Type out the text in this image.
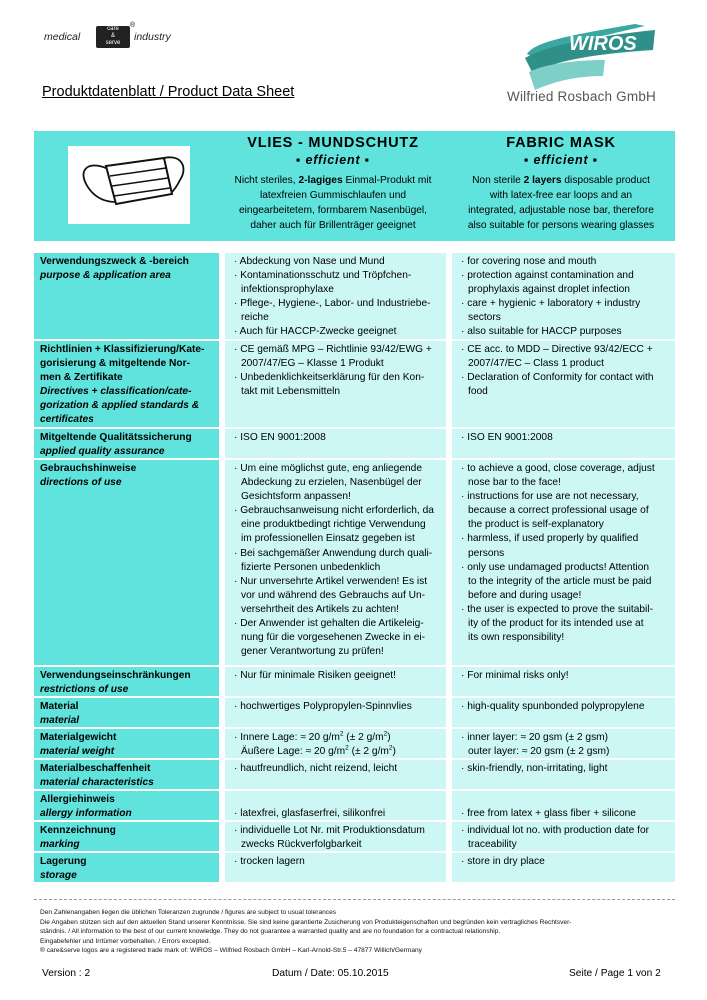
medical
care
&
serve
®
industry	WIROS
Produktdatenblatt / Product Data Sheet	Wilfried Rosbach GmbH
VLIES - MUNDSCHUTZ
▪ efficient ▪
Nicht steriles, 2-lagiges Einmal-Produkt mit
latexfreien Gummischlaufen und
eingearbeitetem, formbarem Nasenbügel,
daher auch für Brillenträger geeignet
FABRIC MASK
▪ efficient ▪
Non sterile 2 layers disposable product
with latex-free ear loops and an
integrated, adjustable nose bar, therefore
also suitable for persons wearing glasses
Verwendungszweck & -bereich
purpose & application area
· Abdeckung von Nase und Mund
· Kontaminationsschutz und Tröpfchen-
infektionsprophylaxe
· Pflege-, Hygiene-, Labor- und Industriebe-
reiche
· Auch für HACCP-Zwecke geeignet
· for covering nose and mouth
· protection against contamination and
prophylaxis against droplet infection
· care + hygienic + laboratory + industry
sectors
· also suitable for HACCP purposes
Richtlinien + Klassifizierung/Kate-
gorisierung & mitgeltende Nor-
men & Zertifikate
Directives + classification/cate-
gorization & applied standards &
certificates
· CE gemäß MPG – Richtlinie 93/42/EWG +
2007/47/EG – Klasse 1 Produkt
· Unbedenklichkeitserklärung für den Kon-
takt mit Lebensmitteln
· CE acc. to MDD – Directive 93/42/ECC +
2007/47/EC – Class 1 product
· Declaration of Conformity for contact with
food
Mitgeltende Qualitätssicherung
applied quality assurance
· ISO EN 9001:2008	· ISO EN 9001:2008
Gebrauchshinweise
directions of use
· Um eine möglichst gute, eng anliegende
Abdeckung zu erzielen, Nasenbügel der
Gesichtsform anpassen!
· Gebrauchsanweisung nicht erforderlich, da
eine produktbedingt richtige Verwendung
im professionellen Einsatz gegeben ist
· Bei sachgemäßer Anwendung durch quali-
fizierte Personen unbedenklich
· Nur unversehrte Artikel verwenden! Es ist
vor und während des Gebrauchs auf Un-
versehrtheit des Artikels zu achten!
· Der Anwender ist gehalten die Artikeleig-
nung für die vorgesehenen Zwecke in ei-
gener Verantwortung zu prüfen!
· to achieve a good, close coverage, adjust
nose bar to the face!
· instructions for use are not necessary,
because a correct professional usage of
the product is self-explanatory
· harmless, if used properly by qualified
persons
· only use undamaged products! Attention
to the integrity of the article must be paid
before and during usage!
· the user is expected to prove the suitabil-
ity of the product for its intended use at
its own responsibility!
Verwendungseinschränkungen
restrictions of use
· Nur für minimale Risiken geeignet!	· For minimal risks only!
Material
material
· hochwertiges Polypropylen-Spinnvlies	· high-quality spunbonded polypropylene
Materialgewicht
material weight
· Innere Lage: ≈ 20 $g/m^2$ (± 2 $g/m^2$)
Äußere Lage: ≈ 20 $g/m^2$ (± 2 $g/m^2$)
· inner layer: ≈ 20 gsm (± 2 gsm)
outer layer: ≈ 20 gsm (± 2 gsm)
Materialbeschaffenheit
material characteristics
· hautfreundlich, nicht reizend, leicht	· skin-friendly, non-irritating, light
Allergiehinweis
allergy information
	· latexfrei, glasfaserfrei, silikonfrei
	· free from latex + glass fiber + silicone
Kennzeichnung
marking
· individuelle Lot Nr. mit Produktionsdatum
zwecks Rückverfolgbarkeit
· individual lot no. with production date for
traceability
Lagerung
storage
· trocken lagern	· store in dry place
Den Zahlenangaben liegen die üblichen Toleranzen zugrunde / figures are subject to usual tolerances
Die Angaben stützen sich auf den aktuellen Stand unserer Kenntnisse. Sie sind keine garantierte Zusicherung von Produkteigenschaften und begründen kein vertragliches Rechtsver-
ständnis. / All information to the best of our current knowledge. They do not guarantee a warranted quality and are no foundation for a contractual relationship.
Eingabefehler und Irrtümer vorbehalten. / Errors excepted.
® care&serve logos are a registered trade mark of: WIROS – Wilfried Rosbach GmbH – Karl-Arnold-Str.5 – 47877 Willich/Germany
Version : 2	Datum / Date: 05.10.2015	Seite / Page 1 von 2
